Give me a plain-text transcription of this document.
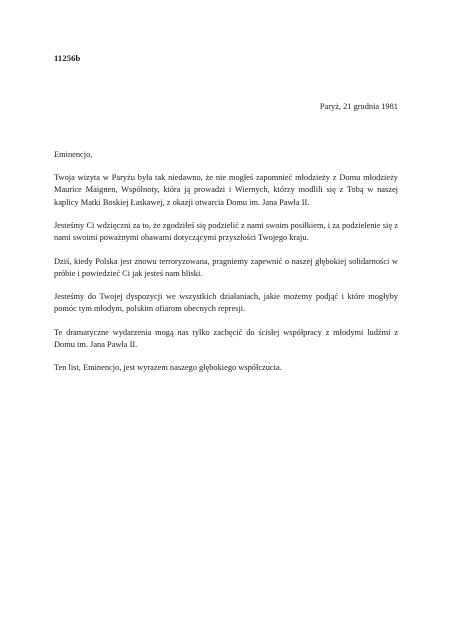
11256b
Paryż, 21 grudnia 1981

Eminencjo,

Twoja wizyta w Paryżu była tak niedawno, że nie mogłeś zapomnieć młodzieży z Domu młodzieży Maurice Maignen, Wspólnoty, która ją prowadzi i Wiernych, którzy modlili się z Tobą w naszej kaplicy Matki Boskiej Łaskawej, z okazji otwarcia Domu im. Jana Pawła II.

Jesteśmy Ci wdzięczni za to, że zgodziłeś się podzielić z nami swoim posiłkiem, i za podzielenie się z nami swoimi poważnymi obawami dotyczącymi przyszłości Twojego kraju.

Dziś, kiedy Polska jest znowu terroryzowana, pragniemy zapewnić o naszej głębokiej solidarności w próbie i powiedzieć Ci jak jesteś nam bliski.

Jesteśmy do Twojej dyspozycji we wszystkich działaniach, jakie możemy podjąć i które mogłyby pomóc tym młodym, polskim ofiarom obecnych represji.

Te dramatyczne wydarzenia mogą nas tylko zachęcić do ścisłej współpracy z młodymi ludźmi z Domu im. Jana Pawła II.

Ten list, Eminencjo, jest wyrazem naszego głębokiego współczucia.
